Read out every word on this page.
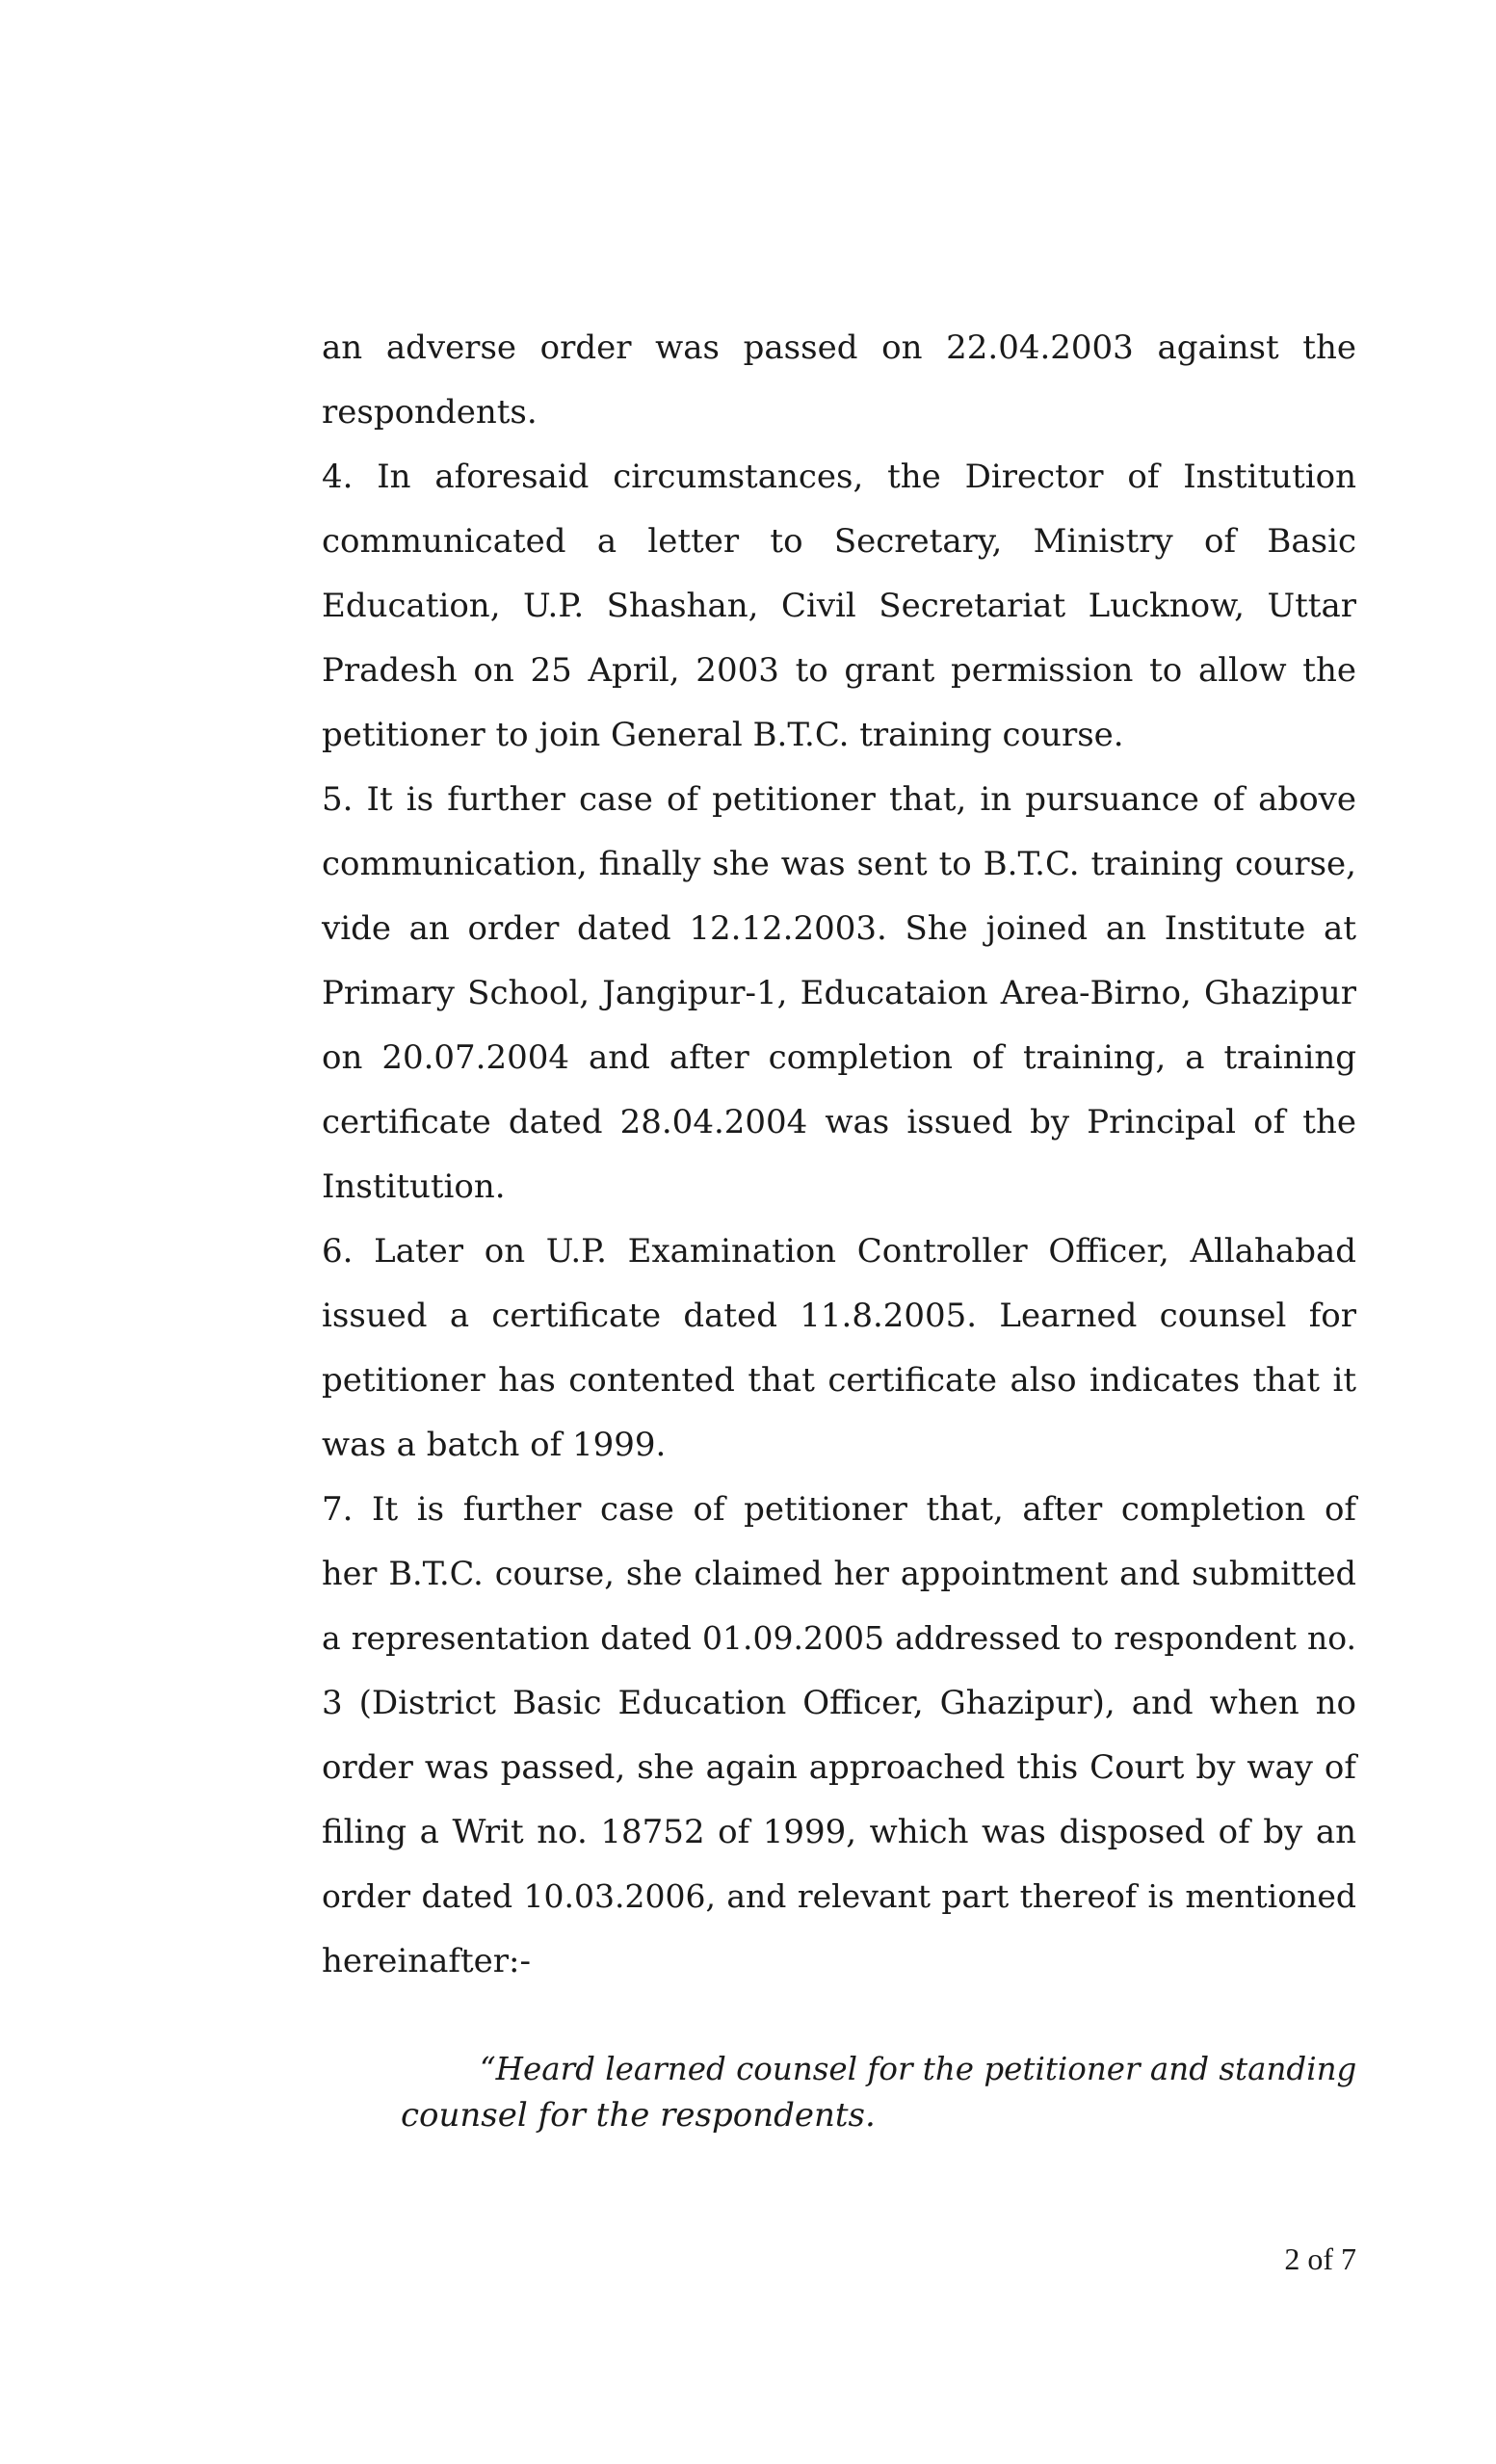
an adverse order was passed on 22.04.2003 against the
respondents.
4. In aforesaid circumstances, the Director of Institution
communicated a letter to Secretary, Ministry of Basic
Education, U.P. Shashan, Civil Secretariat Lucknow, Uttar
Pradesh on 25 April, 2003 to grant permission to allow the
petitioner to join General B.T.C. training course.
5. It is further case of petitioner that, in pursuance of above
communication, finally she was sent to B.T.C. training course,
vide an order dated 12.12.2003. She joined an Institute at
Primary School, Jangipur-1, Educataion Area-Birno, Ghazipur
on 20.07.2004 and after completion of training, a training
certificate dated 28.04.2004 was issued by Principal of the
Institution.
6. Later on U.P. Examination Controller Officer, Allahabad
issued a certificate dated 11.8.2005. Learned counsel for
petitioner has contented that certificate also indicates that it
was a batch of 1999.
7. It is further case of petitioner that, after completion of
her B.T.C. course, she claimed her appointment and submitted
a representation dated 01.09.2005 addressed to respondent no.
3 (District Basic Education Officer, Ghazipur), and when no
order was passed, she again approached this Court by way of
filing a Writ no. 18752 of 1999, which was disposed of by an
order dated 10.03.2006, and relevant part thereof is mentioned
hereinafter:-
“Heard learned counsel for the petitioner and standing
counsel for the respondents.
2 of 7
